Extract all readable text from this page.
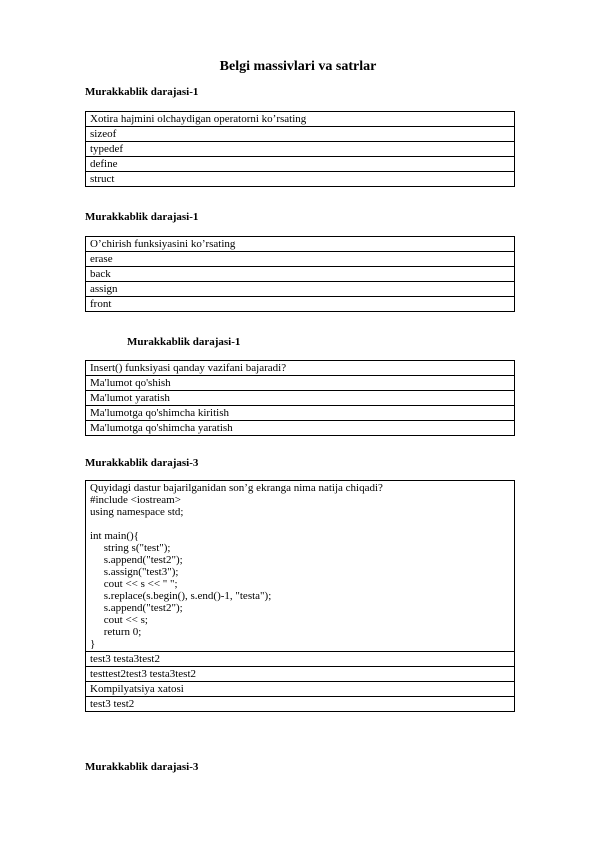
Belgi massivlari va satrlar
Murakkablik darajasi-1
Xotira hajmini olchaydigan operatorni ko’rsating
sizeof
typedef
define
struct
Murakkablik darajasi-1
O’chirish funksiyasini ko’rsating
erase
back
assign
front
Murakkablik darajasi-1
Insert() funksiyasi qanday vazifani bajaradi?
Ma'lumot qo'shish
Ma'lumot yaratish
Ma'lumotga qo'shimcha kiritish
Ma'lumotga qo'shimcha yaratish
Murakkablik darajasi-3
Quyidagi dastur bajarilganidan son’g ekranga nima natija chiqadi?
#include <iostream>
using namespace std;

int main(){
string s("test");
s.append("test2");
s.assign("test3");
cout << s << " ";
s.replace(s.begin(), s.end()-1, "testa");
s.append("test2");
cout << s;
return 0;
}

test3 testa3test2
testtest2test3 testa3test2
Kompilyatsiya xatosi
test3 test2
Murakkablik darajasi-3
